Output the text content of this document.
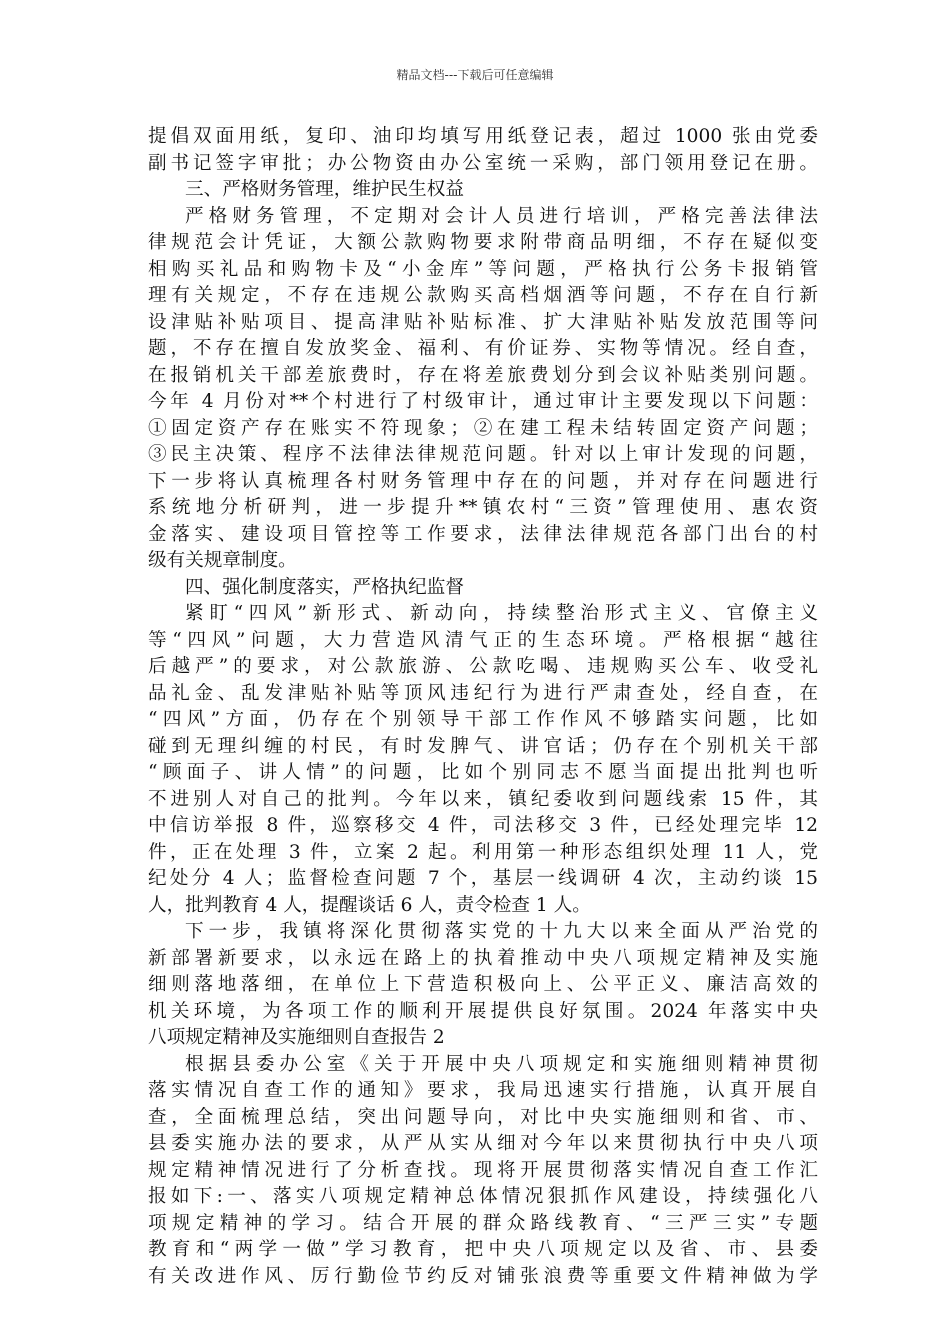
精品文档---下载后可任意编辑
提倡双面用纸，复印、油印均填写用纸登记表，超过 1000 张由党委
副书记签字审批；办公物资由办公室统一采购，部门领用登记在册。
三、严格财务管理，维护民生权益
严格财务管理，不定期对会计人员进行培训，严格完善法律法
律规范会计凭证，大额公款购物要求附带商品明细，不存在疑似变
相购买礼品和购物卡及“小金库”等问题，严格执行公务卡报销管
理有关规定，不存在违规公款购买高档烟酒等问题，不存在自行新
设津贴补贴项目、提高津贴补贴标准、扩大津贴补贴发放范围等问
题，不存在擅自发放奖金、福利、有价证券、实物等情况。经自查，
在报销机关干部差旅费时，存在将差旅费划分到会议补贴类别问题。
今年 4 月份对**个村进行了村级审计，通过审计主要发现以下问题：
①固定资产存在账实不符现象；②在建工程未结转固定资产问题；
③民主决策、程序不法律法律规范问题。针对以上审计发现的问题，
下一步将认真梳理各村财务管理中存在的问题，并对存在问题进行
系统地分析研判，进一步提升**镇农村“三资”管理使用、惠农资
金落实、建设项目管控等工作要求，法律法律规范各部门出台的村
级有关规章制度。
四、强化制度落实，严格执纪监督
紧盯“四风”新形式、新动向，持续整治形式主义、官僚主义
等“四风”问题，大力营造风清气正的生态环境。严格根据“越往
后越严”的要求，对公款旅游、公款吃喝、违规购买公车、收受礼
品礼金、乱发津贴补贴等顶风违纪行为进行严肃查处，经自查，在
“四风”方面，仍存在个别领导干部工作作风不够踏实问题，比如
碰到无理纠缠的村民，有时发脾气、讲官话；仍存在个别机关干部
“顾面子、讲人情”的问题，比如个别同志不愿当面提出批判也听
不进别人对自己的批判。今年以来，镇纪委收到问题线索 15 件，其
中信访举报 8 件，巡察移交 4 件，司法移交 3 件，已经处理完毕 12
件，正在处理 3 件，立案 2 起。利用第一种形态组织处理 11 人，党
纪处分 4 人；监督检查问题 7 个，基层一线调研 4 次，主动约谈 15
人，批判教育 4 人，提醒谈话 6 人，责令检查 1 人。
下一步，我镇将深化贯彻落实党的十九大以来全面从严治党的
新部署新要求，以永远在路上的执着推动中央八项规定精神及实施
细则落地落细，在单位上下营造积极向上、公平正义、廉洁高效的
机关环境，为各项工作的顺利开展提供良好氛围。2024 年落实中央
八项规定精神及实施细则自查报告 2
根据县委办公室《关于开展中央八项规定和实施细则精神贯彻
落实情况自查工作的通知》要求，我局迅速实行措施，认真开展自
查，全面梳理总结，突出问题导向，对比中央实施细则和省、市、
县委实施办法的要求，从严从实从细对今年以来贯彻执行中央八项
规定精神情况进行了分析查找。现将开展贯彻落实情况自查工作汇
报如下:一、落实八项规定精神总体情况狠抓作风建设，持续强化八
项规定精神的学习。结合开展的群众路线教育、“三严三实”专题
教育和“两学一做”学习教育，把中央八项规定以及省、市、县委
有关改进作风、厉行勤俭节约反对铺张浪费等重要文件精神做为学
